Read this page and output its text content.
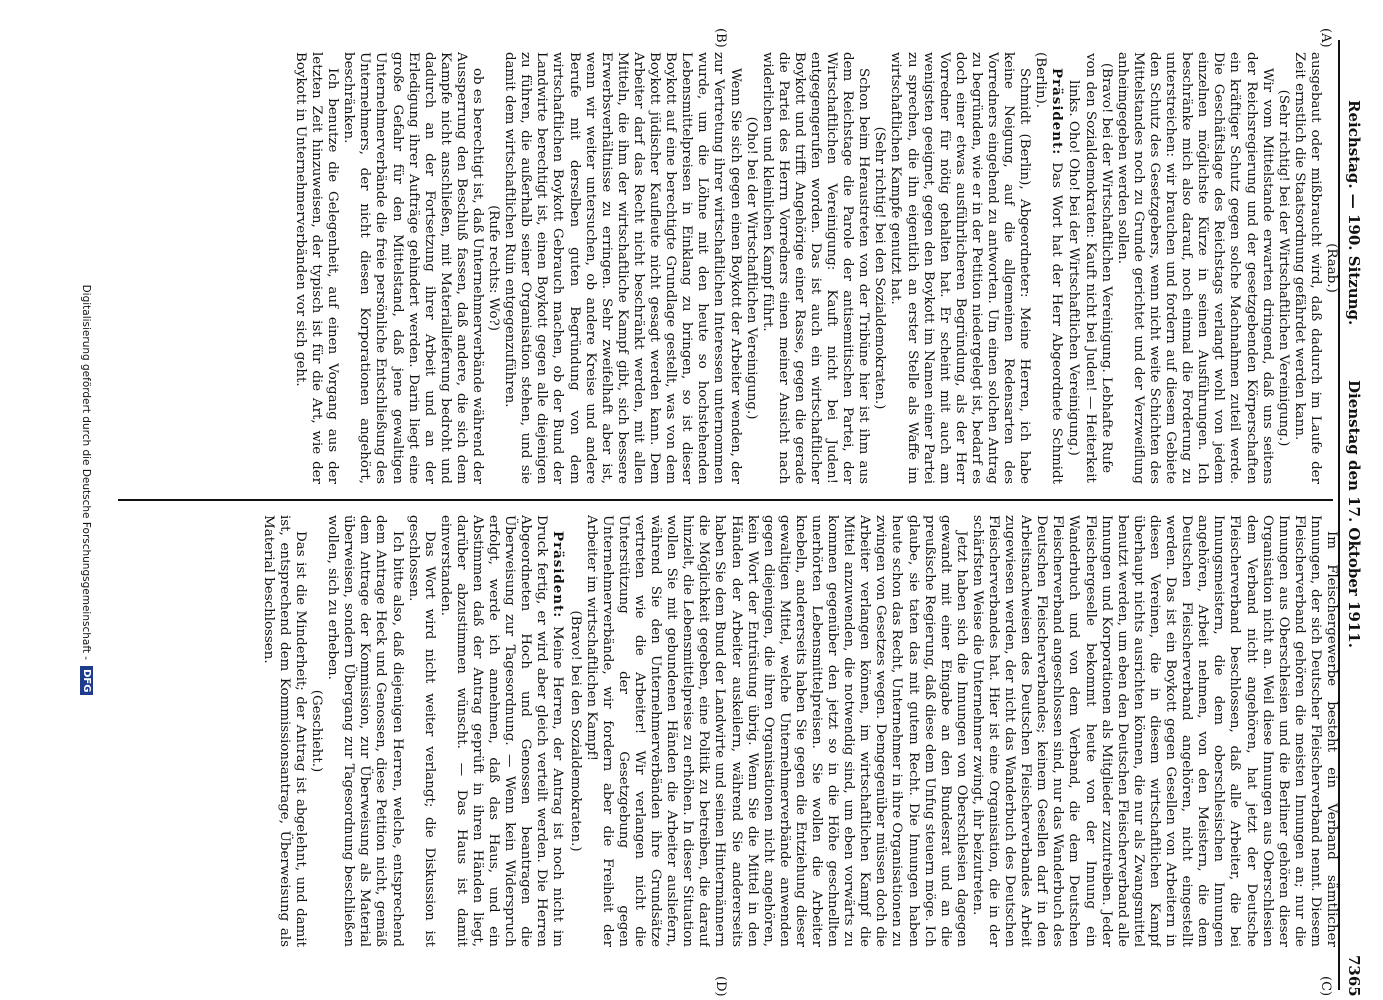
Reichstag. — 190. Sitzung.
Dienstag den 17. Oktober 1911.
7365
(A)
(B)
(C)
(D)

(Raab.)

ausgebaut oder mißbraucht wird, daß dadurch im Laufe der Zeit ernstlich die Staatsordnung gefährdet werden kann.

(Sehr richtig! bei der Wirtschaftlichen Vereinigung.)

Wir vom Mittelstande erwarten dringend, daß uns seitens der Reichsregierung und der gesetzgebenden Körperschaften ein kräftiger Schutz gegen solche Machnahmen zuteil werde. Die Geschäftslage des Reichstags verlangt wohl von jedem einzelnen möglichste Kürze in seinen Ausführungen. Ich beschränke mich also darauf, noch einmal die Forderung zu unterstreichen: wir brauchen und fordern auf diesem Gebiete den Schutz des Gesetzgebers, wenn nicht weite Schichten des Mittelstandes noch zu Grunde gerichtet und der Verzweiflung anheimgegeben werden sollen.

(Bravo! bei der Wirtschaftlichen Vereinigung. Lebhafte Rufe von den Sozialdemokraten: Kauft nicht bei Juden! — Heiterkeit links. Oho! Oho! bei der Wirtschaftlichen Vereinigung.)

Präsident: Das Wort hat der Herr Abgeordnete Schmidt (Berlin).

Schmidt (Berlin), Abgeordneter: Meine Herren, ich habe keine Neigung, auf die allgemeinen Redensarten des Vorredners eingehend zu antworten. Um einen solchen Antrag zu begründen, wie er in der Petition niedergelegt ist, bedarf es doch einer etwas ausführlicheren Begründung, als der Herr Vorredner für nötig gehalten hat. Er scheint mit auch am wenigsten geeignet, gegen den Boykott im Namen einer Partei zu sprechen, die ihn eigentlich an erster Stelle als Waffe im wirtschaftlichen Kampfe genutzt hat.

(Sehr richtig! bei den Sozialdemokraten.)

Schon beim Heraustreten von der Tribüne hier ist ihm aus dem Reichstage die Parole der antisemitischen Partei, der Wirtschaftlichen Vereinigung: Kauft nicht bei Juden! entgegengerufen worden. Das ist auch ein wirtschaftlicher Boykott und trifft Angehörige einer Rasse, gegen die gerade die Partei des Herrn Vorredners einen meiner Ansicht nach widerlichen und kleinlichen Kampf führt.

(Oho! bei der Wirtschaftlichen Vereinigung.)

Wenn Sie sich gegen einen Boykott der Arbeiter wenden, der zur Vertretung ihrer wirtschaftlichen Interessen unternommen wurde, um die Löhne mit den heute so hochstehenden Lebensmittelpreisen in Einklang zu bringen, so ist dieser Boykott auf eine berechtigte Grundlage gestellt, was von dem Boykott jüdischer Kaufleute nicht gesagt werden kann. Dem Arbeiter darf das Recht nicht beschränkt werden, mit allen Mitteln, die ihm der wirtschaftliche Kampf gibt, sich bessere Erwerbsverhältnisse zu erringen. Sehr zweifelhaft aber ist, wenn wir weiter untersuchen, ob andere Kreise und andere Berufe mit derselben guten Begründung von dem wirtschaftlichen Boykott Gebrauch machen, ob der Bund der Landwirte berechtigt ist, einen Boykott gegen alle diejenigen zu führen, die außerhalb seiner Organisation stehen, und sie damit dem wirtschaftlichen Ruin entgegenzuführen.

(Rufe rechts: Wo?)

ob es berechtigt ist, daß Unternehmerverbände während der Aussperrung den Beschluß fassen, daß andere, die sich dem Kampfe nicht anschließen, mit Materiallieferung bedroht und dadurch an der Fortsetzung ihrer Arbeit und an der Erledigung ihrer Aufträge gehindert werden. Darin liegt eine große Gefahr für den Mittelstand, daß jene gewaltigen Unternehmerverbände die freie persönliche Entschließung des Unternehmers, der nicht diesen Korporationen angehört, beschränken.

Ich benutze die Gelegenheit, auf einen Vorgang aus der letzten Zeit hinzuweisen, der typisch ist für die Art, wie der Boykott in Unternehmerverbänden vor sich geht.

Im Fleischergewerbe besteht ein Verband sämtlicher Innungen, der sich Deutscher Fleischerverband nennt. Diesem Fleischerverband gehören die meisten Innungen an; nur die Innungen aus Oberschlesien und die Berliner gehören dieser Organisation nicht an. Weil diese Innungen aus Oberschlesien dem Verband nicht angehören, hat jetzt der Deutsche Fleischerverband beschlossen, daß alle Arbeiter, die bei Innungsmeistern, die dem oberschlesischen Innungen angehören, Arbeit nehmen, von den Meistern, die dem Deutschen Fleischerverband angehören, nicht eingestellt werden. Das ist ein Boykott gegen Gesellen von Arbeitern in diesen Vereinen, die in diesem wirtschaftlichen Kampf überhaupt nichts ausrichten können, die nur als Zwangsmittel benutzt werden, um eben den Deutschen Fleischerverband alle Innungen und Korporationen als Mitglieder zuzutreiben. Jeder Fleischergeselle bekommt heute von der Innung ein Wanderbuch und von dem Verband, die dem Deutschen Fleischerverband angeschlossen sind, nur das Wanderbuch des Deutschen Fleischerverbandes; keinem Gesellen darf in den Arbeitsnachweisen des Deutschen Fleischerverbandes Arbeit zugewiesen werden, der nicht das Wanderbuch des Deutschen Fleischerverbandes hat. Hier ist eine Organisation, die in der schärfsten Weise die Unternehmer zwingt, ihr beizutreten.

Jetzt haben sich die Innungen von Oberschlesien dagegen gewandt mit einer Eingabe an den Bundesrat und an die preußische Regierung, daß diese dem Unfug steuern möge. Ich glaube, sie taten das mit gutem Recht. Die Innungen haben heute schon das Recht, Unternehmer in ihre Organisationen zu zwingen von Gesetzes wegen. Demgegenüber müssen doch die Arbeiter verlangen können, im wirtschaftlichen Kampf die Mittel anzuwenden, die notwendig sind, um eben vorwärts zu kommen gegenüber den jetzt so in die Höhe geschnellten unerhörten Lebensmittelpreisen. Sie wollen die Arbeiter knebeln, andererseits haben Sie gegen die Entziehung dieser gewaltigen Mittel, welche Unternehmerverbände anwenden gegen diejenigen, die ihren Organisationen nicht angehören, kein Wort der Entrüstung übrig. Wenn Sie die Mittel in den Händen der Arbeiter auskeilern, während Sie andererseits haben Sie dem Bund der Landwirte und seinen Hintermännern die Möglichkeit gegeben, eine Politik zu betreiben, die darauf hinzielt, die Lebensmittelpreise zu erhöhen. In dieser Situation wollen Sie mit gebundenen Händen die Arbeiter ausliefern, während Sie den Unternehmerverbänden ihre Grundsätze vertreten wie die Arbeiter! Wir verlangen nicht die Unterstützung der Gesetzgebung gegen Unternehmerverbände, wir fordern aber die Freiheit der Arbeiter im wirtschaftlichen Kampf!

(Bravo! bei den Sozialdemokraten.)

Präsident: Meine Herren, der Antrag ist noch nicht im Druck fertig, er wird aber gleich verteilt werden. Die Herren Abgeordneten Hoch und Genossen beantragen die Überweisung zur Tagesordnung. — Wenn kein Widerspruch erfolgt, werde ich annehmen, daß das Haus, und ein Abstimmen daß der Antrag geprüft in ihren Händen liegt, darüber abzustimmen wünscht. — Das Haus ist damit einverstanden.

Das Wort wird nicht weiter verlangt; die Diskussion ist geschlossen.

Ich bitte also, daß diejenigen Herren, welche, entsprechend dem Antrage Heck und Genossen, diese Petition nicht, gemäß dem Antrage der Kommission, zur Überweisung als Material überweisen, sondern Übergang zur Tagesordnung beschließen wollen, sich zu erheben.

(Geschieht.)

Das ist die Minderheit; der Antrag ist abgelehnt, und damit ist, entsprechend dem Kommissionsantrage, Überweisung als Material beschlossen.

Digitalisierung gefördert durch die Deutsche Forschungsgemeinschaft -
DFG
